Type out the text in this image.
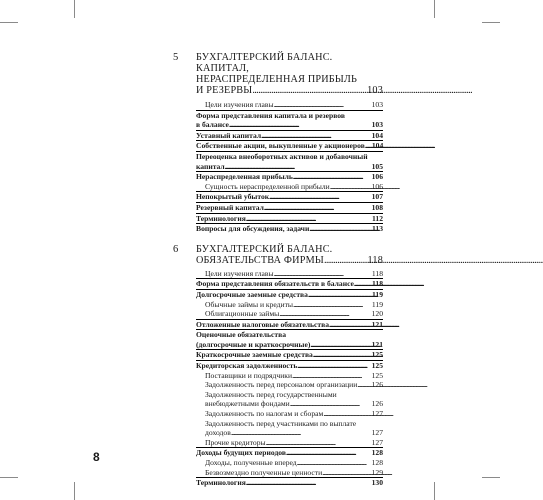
5 БУХГАЛТЕРСКИЙ БАЛАНС. КАПИТАЛ,
НЕРАСПРЕДЕЛЕННАЯ ПРИБЫЛЬ
И РЕЗЕРВЫ . . .	103
Цели изучения главы . . .	103
Форма представления капитала и резервов
в балансе . . .	103
Уставный капитал . . .	104
Собственные акции, выкупленные у акционеров . . . 104
Переоценка внеоборотных активов и добавочный
капитал . . .	105
Нераспределенная прибыль . . .	106
Сущность нераспределенной прибыли . . .	106
Непокрытый убыток . . .	107
Резервный капитал . . .	108
Терминология . . .	112
Вопросы для обсуждения, задачи . . .	113
6 БУХГАЛТЕРСКИЙ БАЛАНС.
ОБЯЗАТЕЛЬСТВА ФИРМЫ . . .	118
Цели изучения главы . . .	118
Форма представления обязательств в балансе . . . 118
Долгосрочные заемные средства . . .	119
Обычные займы и кредиты . . .	119
Облигационные займы . . .	120
Отложенные налоговые обязательства . . .	121
Оценочные обязательства
(долгосрочные и краткосрочные) . . .	121
Краткосрочные заемные средства . . .	125
Кредиторская задолженность . . .	125
Поставщики и подрядчики . . .	125
Задолженность перед персоналом организации . . . 126
Задолженность перед государственными
внебюджетными фондами . . .	126
Задолженность по налогам и сборам . . .	127
Задолженность перед участниками по выплате
доходов . . .	127
Прочие кредиторы . . .	127
Доходы будущих периодов . . .	128
Доходы, полученные вперед . . .	128
Безвозмездно полученные ценности . . .	129
Терминология . . .	130
8
